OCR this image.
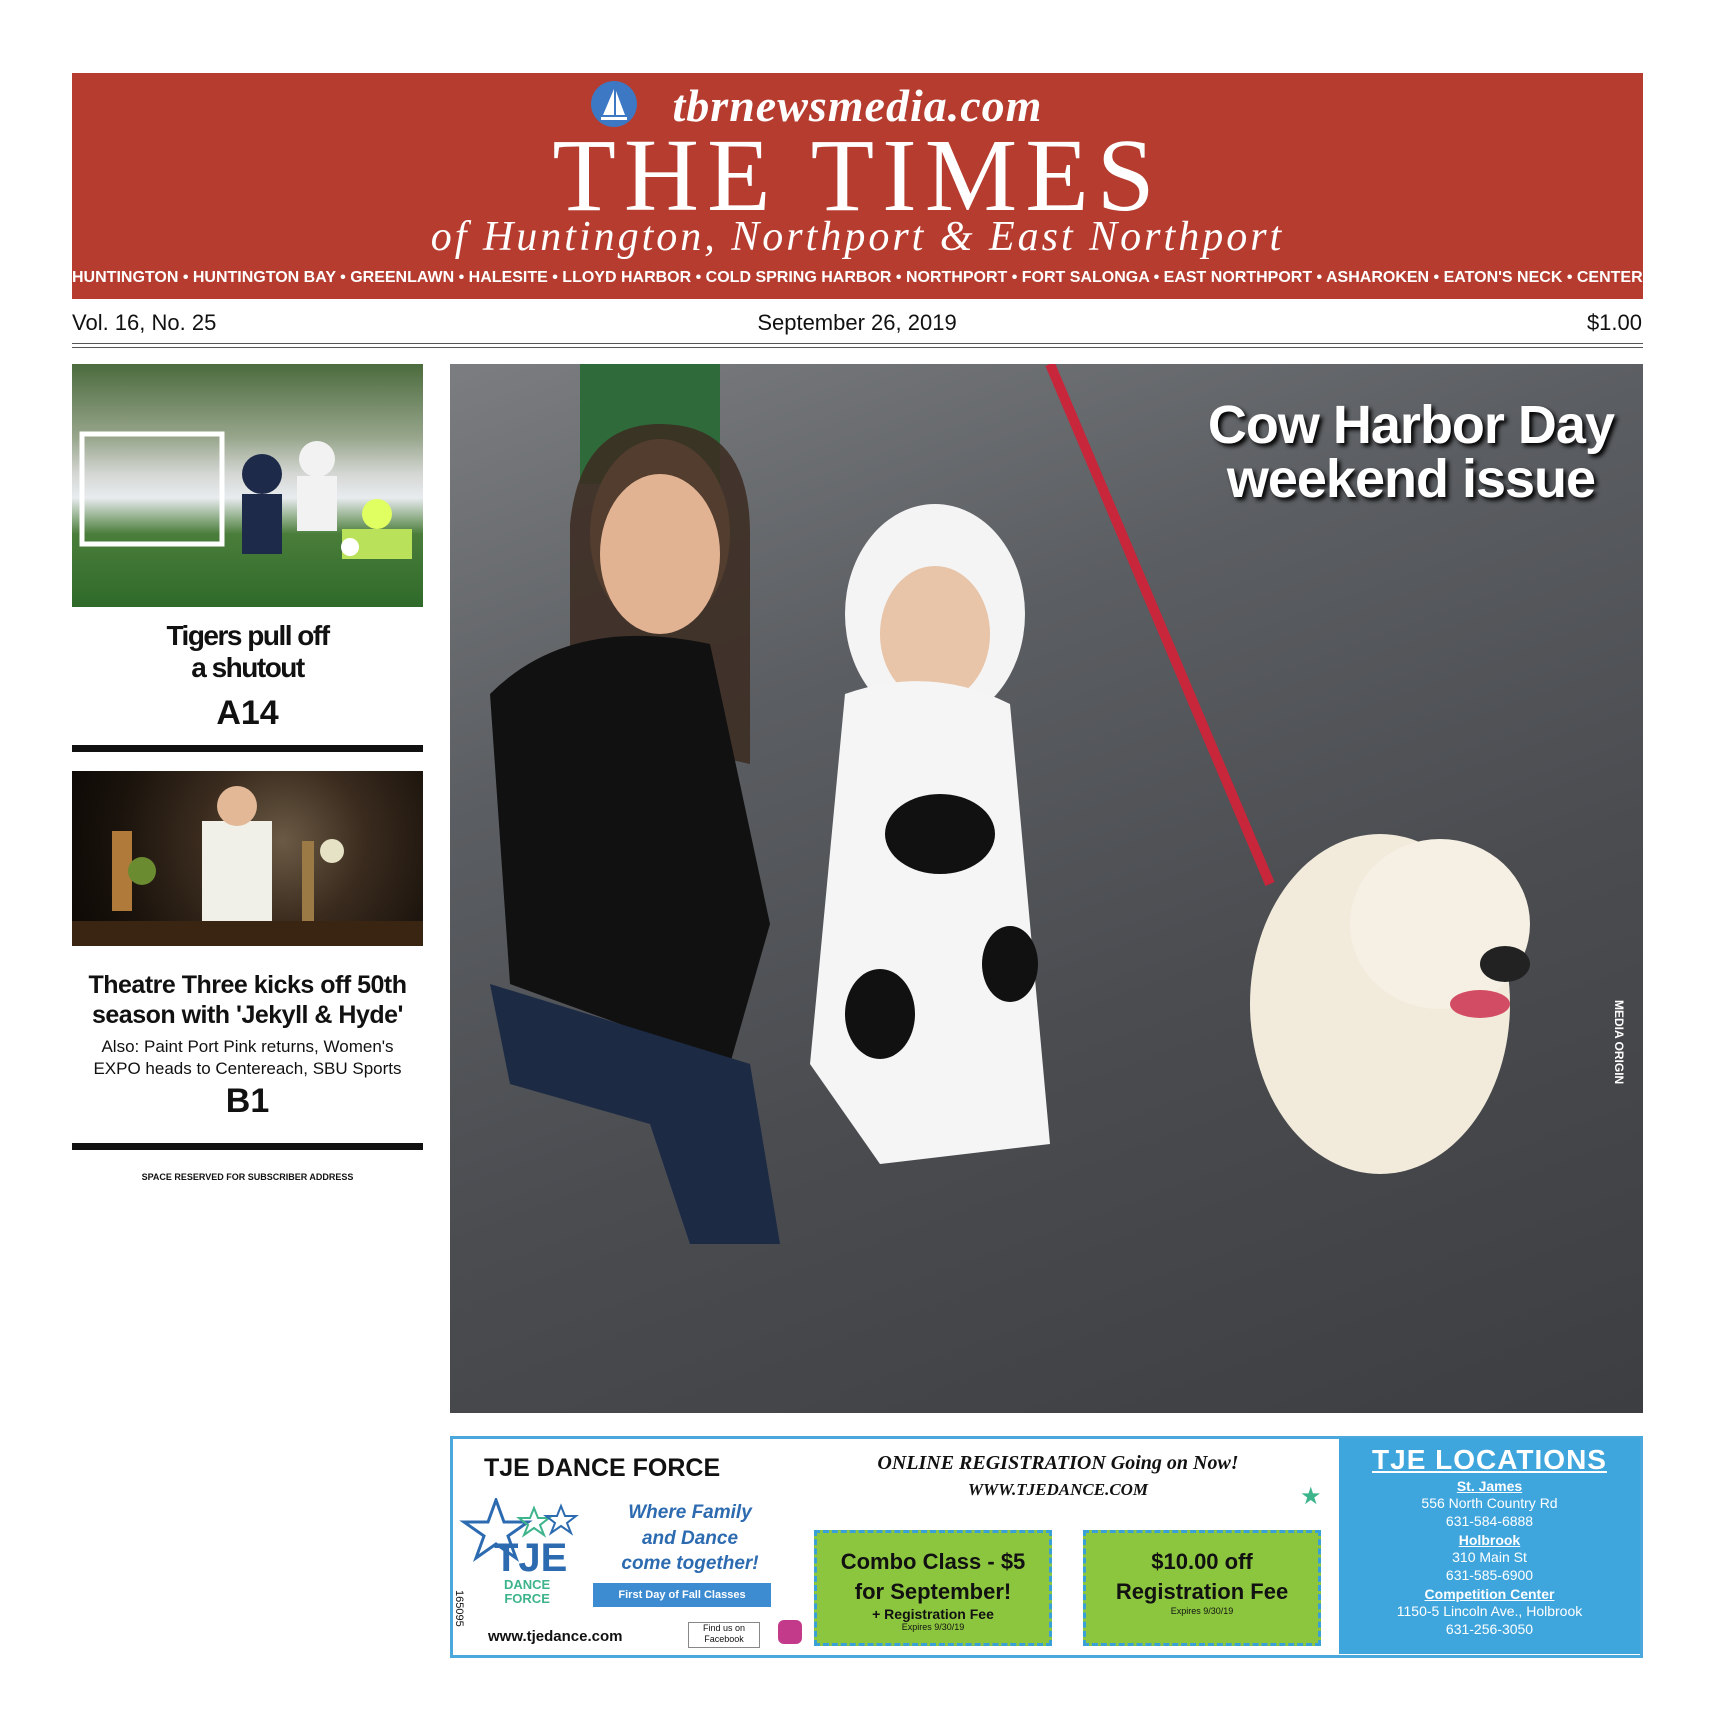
tbrnewsmedia.com
THE TIMES
of Huntington, Northport & East Northport
HUNTINGTON • HUNTINGTON BAY • GREENLAWN • HALESITE • LLOYD HARBOR • COLD SPRING HARBOR • NORTHPORT • FORT SALONGA • EAST NORTHPORT • ASHAROKEN • EATON'S NECK • CENTERPORT
Vol. 16, No. 25	September 26, 2019	$1.00
Tigers pull off
a shutout
A14
Theatre Three kicks off 50th
season with 'Jekyll & Hyde'
Also: Paint Port Pink returns, Women's
EXPO heads to Centereach, SBU Sports
B1
SPACE RESERVED FOR SUBSCRIBER ADDRESS
Cow Harbor Day
weekend issue
MEDIA ORIGIN
TJE DANCE FORCE	ONLINE REGISTRATION Going on Now!
WWW.TJEDANCE.COM	★
TJE
DANCE
FORCE
Where Family
and Dance
come together!
First Day of Fall Classes September 9th
165095
www.tjedance.com	Find us on Facebook
Combo Class - $5
for September!
+ Registration Fee
Expires 9/30/19
$10.00 off
Registration Fee
Expires 9/30/19
TJE LOCATIONS
St. James
556 North Country Rd
631-584-6888
Holbrook
310 Main St
631-585-6900
Competition Center
1150-5 Lincoln Ave., Holbrook
631-256-3050
